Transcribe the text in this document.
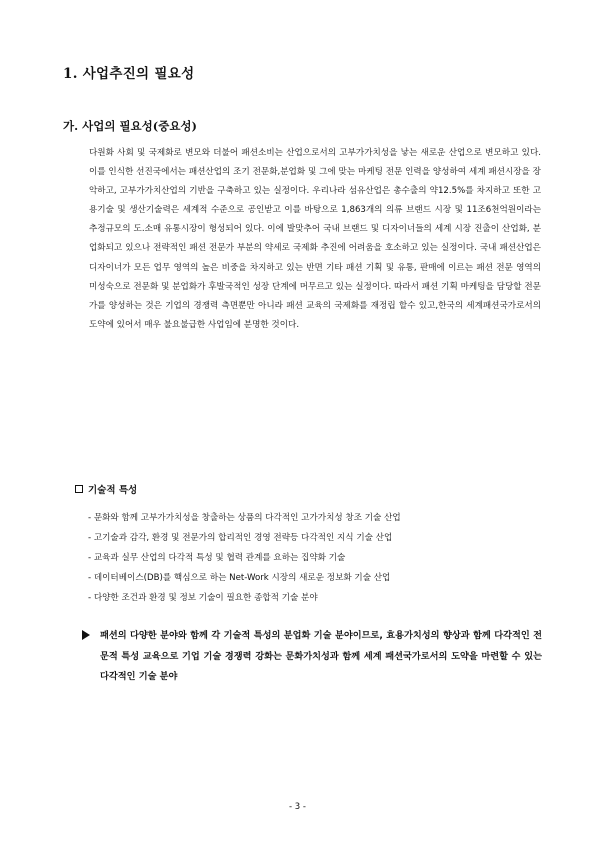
1. 사업추진의 필요성
가. 사업의 필요성(중요성)

다원화 사회 및 국제화로 변모와 더불어 패션소비는 산업으로서의 고부가가치성을 낳는 새로운 산업으로 변모하고 있다. 이를 인식한 선진국에서는 패션산업의 조기 전문화,분업화 및 그에 맞는 마케팅 전문 인력을 양성하여 세계 패션시장을 장악하고, 고부가가치산업의 기반을 구축하고 있는 실정이다. 우리나라 섬유산업은 총수출의 약12.5%를 차지하고 또한 고용기술 및 생산기술력은 세계적 수준으로 공인받고 이를 바탕으로 1,863개의 의류 브랜드 시장 및 11조6천억원이라는 추정규모의 도.소매 유통시장이 형성되어 있다. 이에 발맞추어 국내 브랜드 및 디자이너들의 세계 시장 진출이 산업화, 분업화되고 있으나 전략적인 패션 전문가 부분의 약세로 국제화 추진에 어려움을 호소하고 있는 실정이다. 국내 패션산업은 디자이너가 모든 업무 영역의 높은 비중을 차지하고 있는 반면 기타 패션 기획 및 유통, 판매에 이르는 패션 전문 영역의 미성숙으로 전문화 및 분업화가 후발국적인 성장 단계에 머무르고 있는 실정이다. 따라서 패션 기획 마케팅을 담당할 전문가를 양성하는 것은 기업의 경쟁력 측면뿐만 아니라 패션 교육의 국제화를 재정립 할수 있고,한국의 세계패션국가로서의 도약에 있어서 매우 불요불급한 사업임에 분명한 것이다.

기술적 특성
- 문화와 함께 고부가가치성을 창출하는 상품의 다각적인 고가가치성 창조 기술 산업
- 고기술과 감각, 환경 및 전문가의 합리적인 경영 전략등 다각적인 지식 기술 산업
- 교육과 실무 산업의 다각적 특성 및 협력 관계를 요하는 집약화 기술
- 데이터베이스(DB)를 핵심으로 하는 Net-Work 시장의 새로운 정보화 기술 산업
- 다양한 조건과 환경 및 정보 기술이 필요한 종합적 기술 분야

패션의 다양한 분야와 함께 각 기술적 특성의 분업화 기술 분야이므로, 효용가치성의 향상과 함께 다각적인 전문적 특성 교육으로 기업 기술 경쟁력 강화는 문화가치성과 함께 세계 패션국가로서의 도약을 마련할 수 있는 다각적인 기술 분야

- 3 -
